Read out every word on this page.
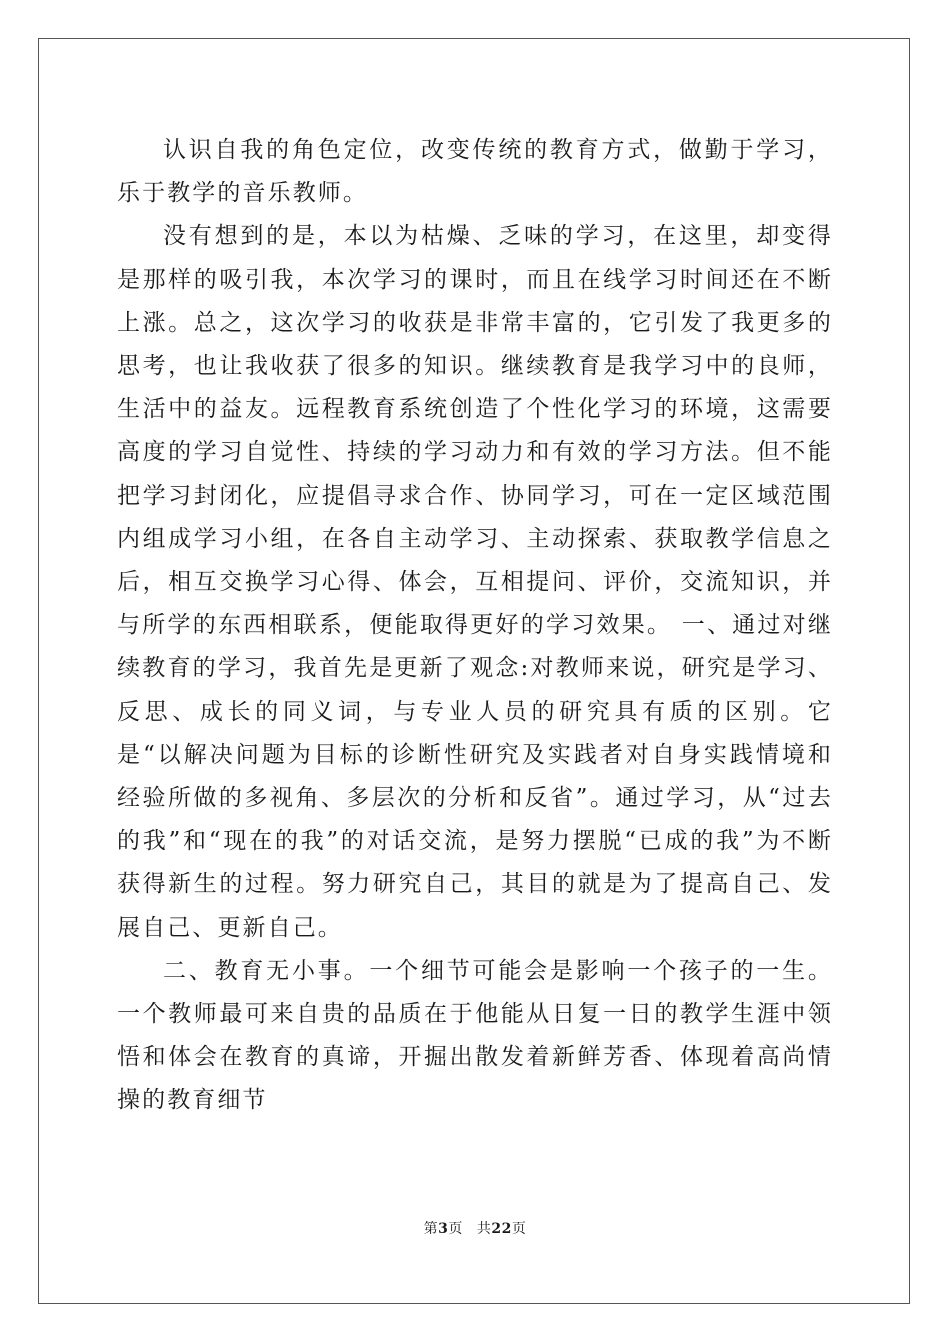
认识自我的角色定位，改变传统的教育方式，做勤于学习，乐于教学的音乐教师。

没有想到的是，本以为枯燥、乏味的学习，在这里，却变得是那样的吸引我，本次学习的课时，而且在线学习时间还在不断上涨。总之，这次学习的收获是非常丰富的，它引发了我更多的思考，也让我收获了很多的知识。继续教育是我学习中的良师，生活中的益友。远程教育系统创造了个性化学习的环境，这需要高度的学习自觉性、持续的学习动力和有效的学习方法。但不能把学习封闭化，应提倡寻求合作、协同学习，可在一定区域范围内组成学习小组，在各自主动学习、主动探索、获取教学信息之后，相互交换学习心得、体会，互相提问、评价，交流知识，并与所学的东西相联系，便能取得更好的学习效果。 一、通过对继续教育的学习，我首先是更新了观念:对教师来说，研究是学习、反思、成长的同义词，与专业人员的研究具有质的区别。它是“以解决问题为目标的诊断性研究及实践者对自身实践情境和经验所做的多视角、多层次的分析和反省”。通过学习，从“过去的我”和“现在的我”的对话交流，是努力摆脱“已成的我”为不断获得新生的过程。努力研究自己，其目的就是为了提高自己、发展自己、更新自己。

二、教育无小事。一个细节可能会是影响一个孩子的一生。一个教师最可来自贵的品质在于他能从日复一日的教学生涯中领悟和体会在教育的真谛，开掘出散发着新鲜芳香、体现着高尚情操的教育细节

第3页 共22页
